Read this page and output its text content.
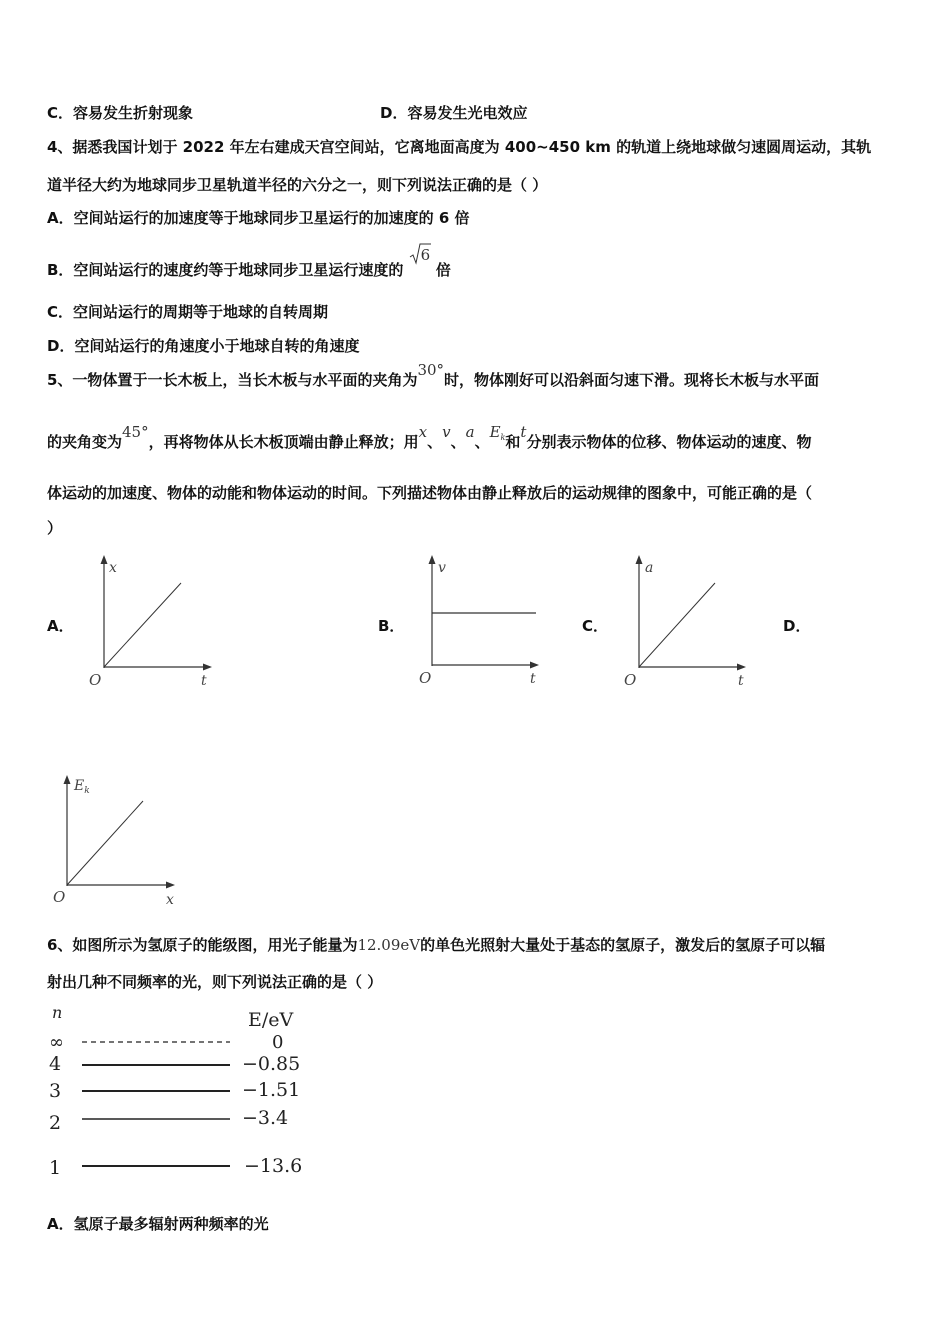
C．容易发生折射现象	D．容易发生光电效应
4、据悉我国计划于 2022 年左右建成天宫空间站，它离地面高度为 400~450 km 的轨道上绕地球做匀速圆周运动，其轨
道半径大约为地球同步卫星轨道半径的六分之一，则下列说法正确的是（ ）
A．空间站运行的加速度等于地球同步卫星运行的加速度的 6 倍
B．空间站运行的速度约等于地球同步卫星运行速度的
6
倍
C．空间站运行的周期等于地球的自转周期
D．空间站运行的角速度小于地球自转的角速度
5、一物体置于一长木板上，当长木板与水平面的夹角为30°时，物体刚好可以沿斜面匀速下滑。现将长木板与水平面
的夹角变为45°，再将物体从长木板顶端由静止释放；用x、v、a、$E_k$和t分别表示物体的位移、物体运动的速度、物
体运动的加速度、物体的动能和物体运动的时间。下列描述物体由静止释放后的运动规律的图象中，可能正确的是（
）
A．	B．	C．	D．
x
O	t
v
O	t
a
O	t
$E_k$
O	x
6、如图所示为氢原子的能级图，用光子能量为12.09eV的单色光照射大量处于基态的氢原子，激发后的氢原子可以辐
射出几种不同频率的光，则下列说法正确的是（ ）
n	E/eV
∞	0
4	−0.85
3	−1.51
2	−3.4
1	−13.6
A．氢原子最多辐射两种频率的光
